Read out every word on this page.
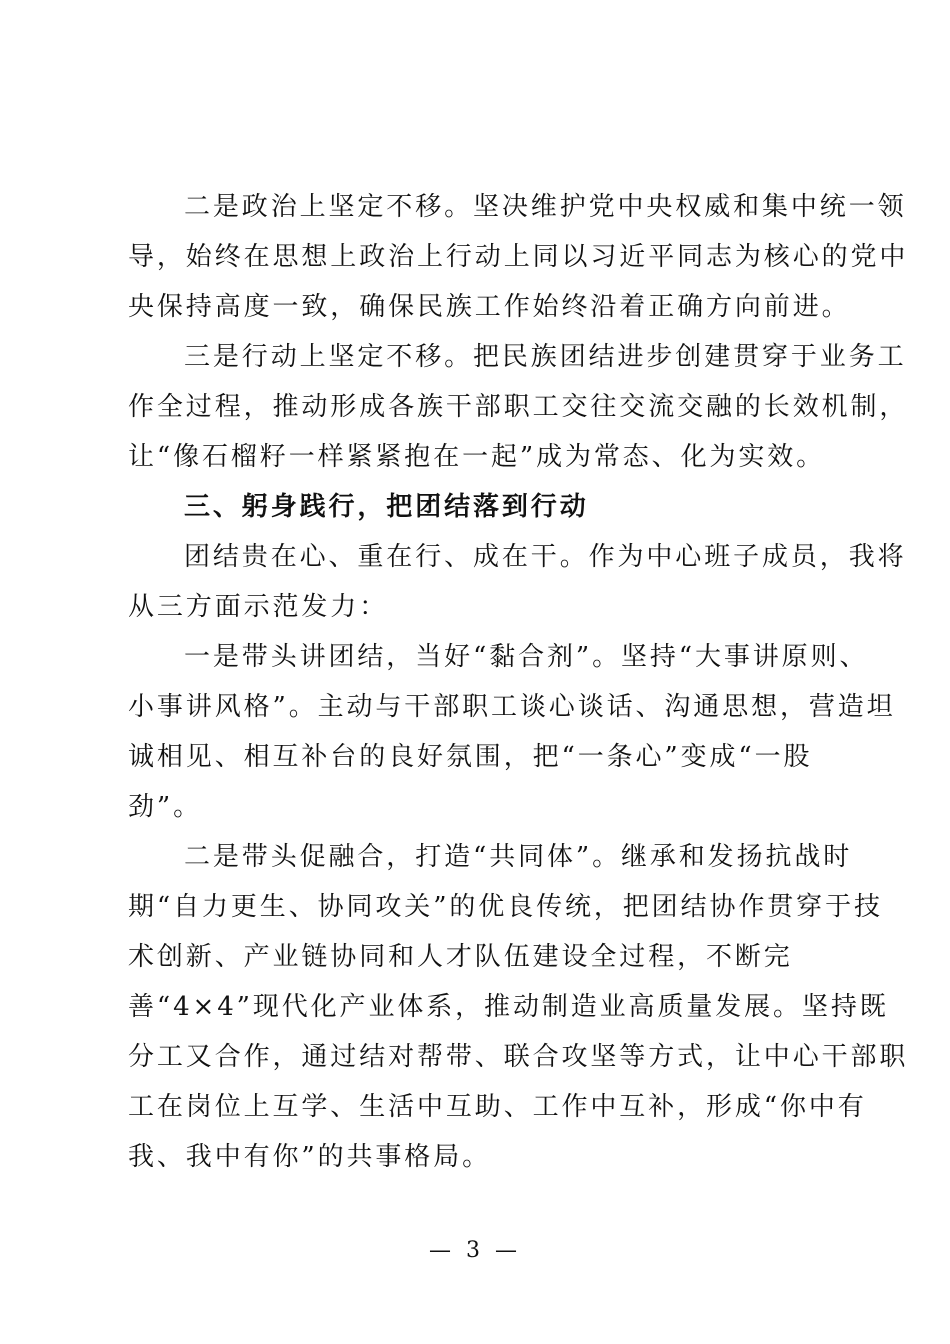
二是政治上坚定不移。坚决维护党中央权威和集中统一领
导，始终在思想上政治上行动上同以习近平同志为核心的党中
央保持高度一致，确保民族工作始终沿着正确方向前进。
三是行动上坚定不移。把民族团结进步创建贯穿于业务工
作全过程，推动形成各族干部职工交往交流交融的长效机制，
让“像石榴籽一样紧紧抱在一起”成为常态、化为实效。
三、躬身践行，把团结落到行动
团结贵在心、重在行、成在干。作为中心班子成员，我将
从三方面示范发力：
一是带头讲团结，当好“黏合剂”。坚持“大事讲原则、
小事讲风格”。主动与干部职工谈心谈话、沟通思想，营造坦
诚相见、相互补台的良好氛围，把“一条心”变成“一股
劲”。
二是带头促融合，打造“共同体”。继承和发扬抗战时
期“自力更生、协同攻关”的优良传统，把团结协作贯穿于技
术创新、产业链协同和人才队伍建设全过程，不断完
善“4×4”现代化产业体系，推动制造业高质量发展。坚持既
分工又合作，通过结对帮带、联合攻坚等方式，让中心干部职
工在岗位上互学、生活中互助、工作中互补，形成“你中有
我、我中有你”的共事格局。
— 3 —
